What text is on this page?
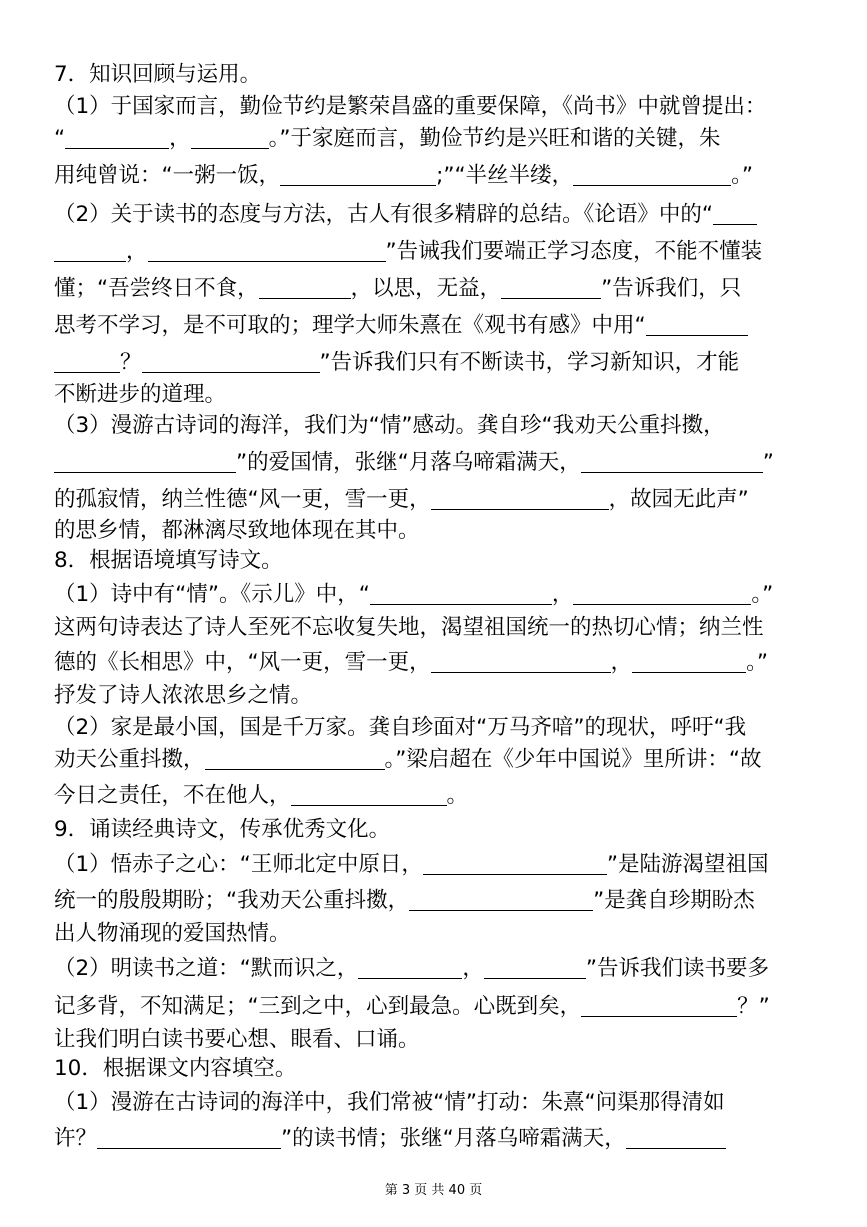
7．知识回顾与运用。
（1）于国家而言，勤俭节约是繁荣昌盛的重要保障，《尚书》中就曾提出：
“	，	。”于家庭而言，勤俭节约是兴旺和谐的关键，朱
用纯曾说：“一粥一饭，	;”“半丝半缕，	。”
（2）关于读书的态度与方法，古人有很多精辟的总结。《论语》中的“
，	”告诫我们要端正学习态度，不能不懂装
懂；“吾尝终日不食，	，以思，无益，	”告诉我们，只
思考不学习，是不可取的；理学大师朱熹在《观书有感》中用“
？	”告诉我们只有不断读书，学习新知识，才能
不断进步的道理。
（3）漫游古诗词的海洋，我们为“情”感动。龚自珍“我劝天公重抖擞，
”的爱国情，张继“月落乌啼霜满天，	”
的孤寂情，纳兰性德“风一更，雪一更，	，故园无此声”
的思乡情，都淋漓尽致地体现在其中。
8．根据语境填写诗文。
（1）诗中有“情”。《示儿》中，“	，	。”
这两句诗表达了诗人至死不忘收复失地，渴望祖国统一的热切心情；纳兰性
德的《长相思》中，“风一更，雪一更，	，	。”
抒发了诗人浓浓思乡之情。
（2）家是最小国，国是千万家。龚自珍面对“万马齐喑”的现状，呼吁“我
劝天公重抖擞，	。”梁启超在《少年中国说》里所讲：“故
今日之责任，不在他人，	。
9．诵读经典诗文，传承优秀文化。
（1）悟赤子之心：“王师北定中原日，	”是陆游渴望祖国
统一的殷殷期盼；“我劝天公重抖擞，	”是龚自珍期盼杰
出人物涌现的爱国热情。
（2）明读书之道：“默而识之，	，	”告诉我们读书要多
记多背，不知满足；“三到之中，心到最急。心既到矣，	？”
让我们明白读书要心想、眼看、口诵。
10．根据课文内容填空。
（1）漫游在古诗词的海洋中，我们常被“情”打动：朱熹“问渠那得清如
许？	”的读书情；张继“月落乌啼霜满天，
第 3 页 共 40 页
